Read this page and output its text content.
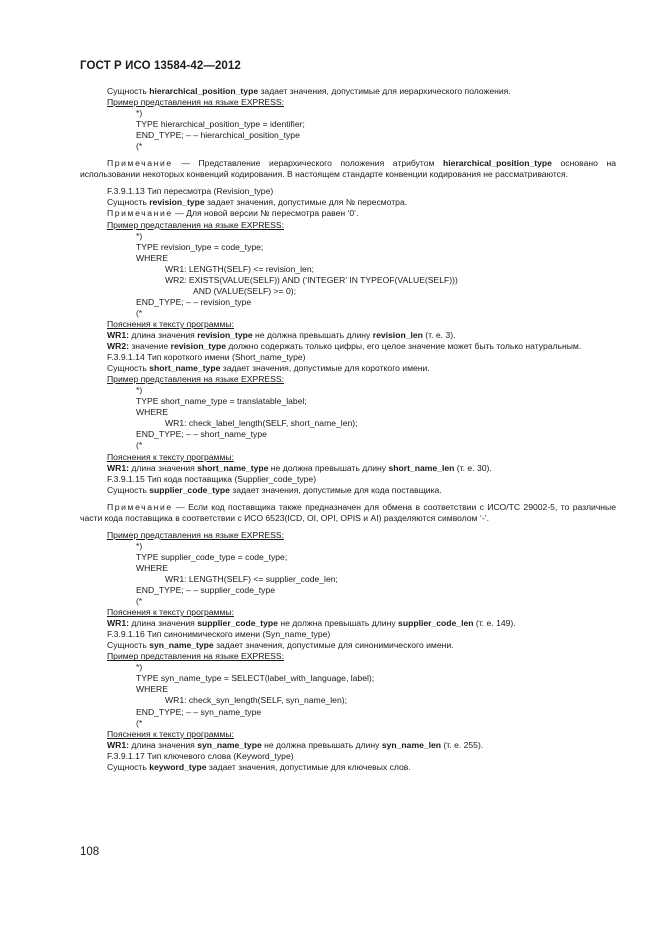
ГОСТ Р ИСО 13584-42—2012
Сущность hierarchical_position_type задает значения, допустимые для иерархического положения.
Пример представления на языке EXPRESS:
*)
TYPE hierarchical_position_type = identifier;
END_TYPE; – – hierarchical_position_type
(*
Примечание — Представление иерархического положения атрибутом hierarchical_position_type основано на использовании некоторых конвенций кодирования. В настоящем стандарте конвенции кодирования не рассматриваются.
F.3.9.1.13 Тип пересмотра (Revision_type)
Сущность revision_type задает значения, допустимые для № пересмотра.
Примечание — Для новой версии № пересмотра равен ‘0’.
Пример представления на языке EXPRESS:
*)
TYPE revision_type = code_type;
WHERE
WR1: LENGTH(SELF) <= revision_len;
WR2: EXISTS(VALUE(SELF)) AND (‘INTEGER’ IN TYPEOF(VALUE(SELF)))
AND (VALUE(SELF) >= 0);
END_TYPE; – – revision_type
(*
Пояснения к тексту программы:
WR1: длина значения revision_type не должна превышать длину revision_len (т. е. 3).
WR2: значение revision_type должно содержать только цифры, его целое значение может быть только натуральным.
F.3.9.1.14 Тип короткого имени (Short_name_type)
Сущность short_name_type задает значения, допустимые для короткого имени.
Пример представления на языке EXPRESS:
*)
TYPE short_name_type = translatable_label;
WHERE
WR1: check_label_length(SELF, short_name_len);
END_TYPE; – – short_name_type
(*
Пояснения к тексту программы:
WR1: длина значения short_name_type не должна превышать длину short_name_len (т. е. 30).
F.3.9.1.15 Тип кода поставщика (Supplier_code_type)
Сущность supplier_code_type задает значения, допустимые для кода поставщика.
Примечание — Если код поставщика также предназначен для обмена в соответствии с ИСО/ТС 29002-5, то различные части кода поставщика в соответствии с ИСО 6523(ICD, OI, OPI, OPIS и AI) разделяются символом ‘-’.
Пример представления на языке EXPRESS:
*)
TYPE supplier_code_type = code_type;
WHERE
WR1: LENGTH(SELF) <= supplier_code_len;
END_TYPE; – – supplier_code_type
(*
Пояснения к тексту программы:
WR1: длина значения supplier_code_type не должна превышать длину supplier_code_len (т. е. 149).
F.3.9.1.16 Тип синонимического имени (Syn_name_type)
Сущность syn_name_type задает значения, допустимые для синонимического имени.
Пример представления на языке EXPRESS:
*)
TYPE syn_name_type = SELECT(label_with_language, label);
WHERE
WR1: check_syn_length(SELF, syn_name_len);
END_TYPE; – – syn_name_type
(*
Пояснения к тексту программы:
WR1: длина значения syn_name_type не должна превышать длину syn_name_len (т. е. 255).
F.3.9.1.17 Тип ключевого слова (Keyword_type)
Сущность keyword_type задает значения, допустимые для ключевых слов.
108
